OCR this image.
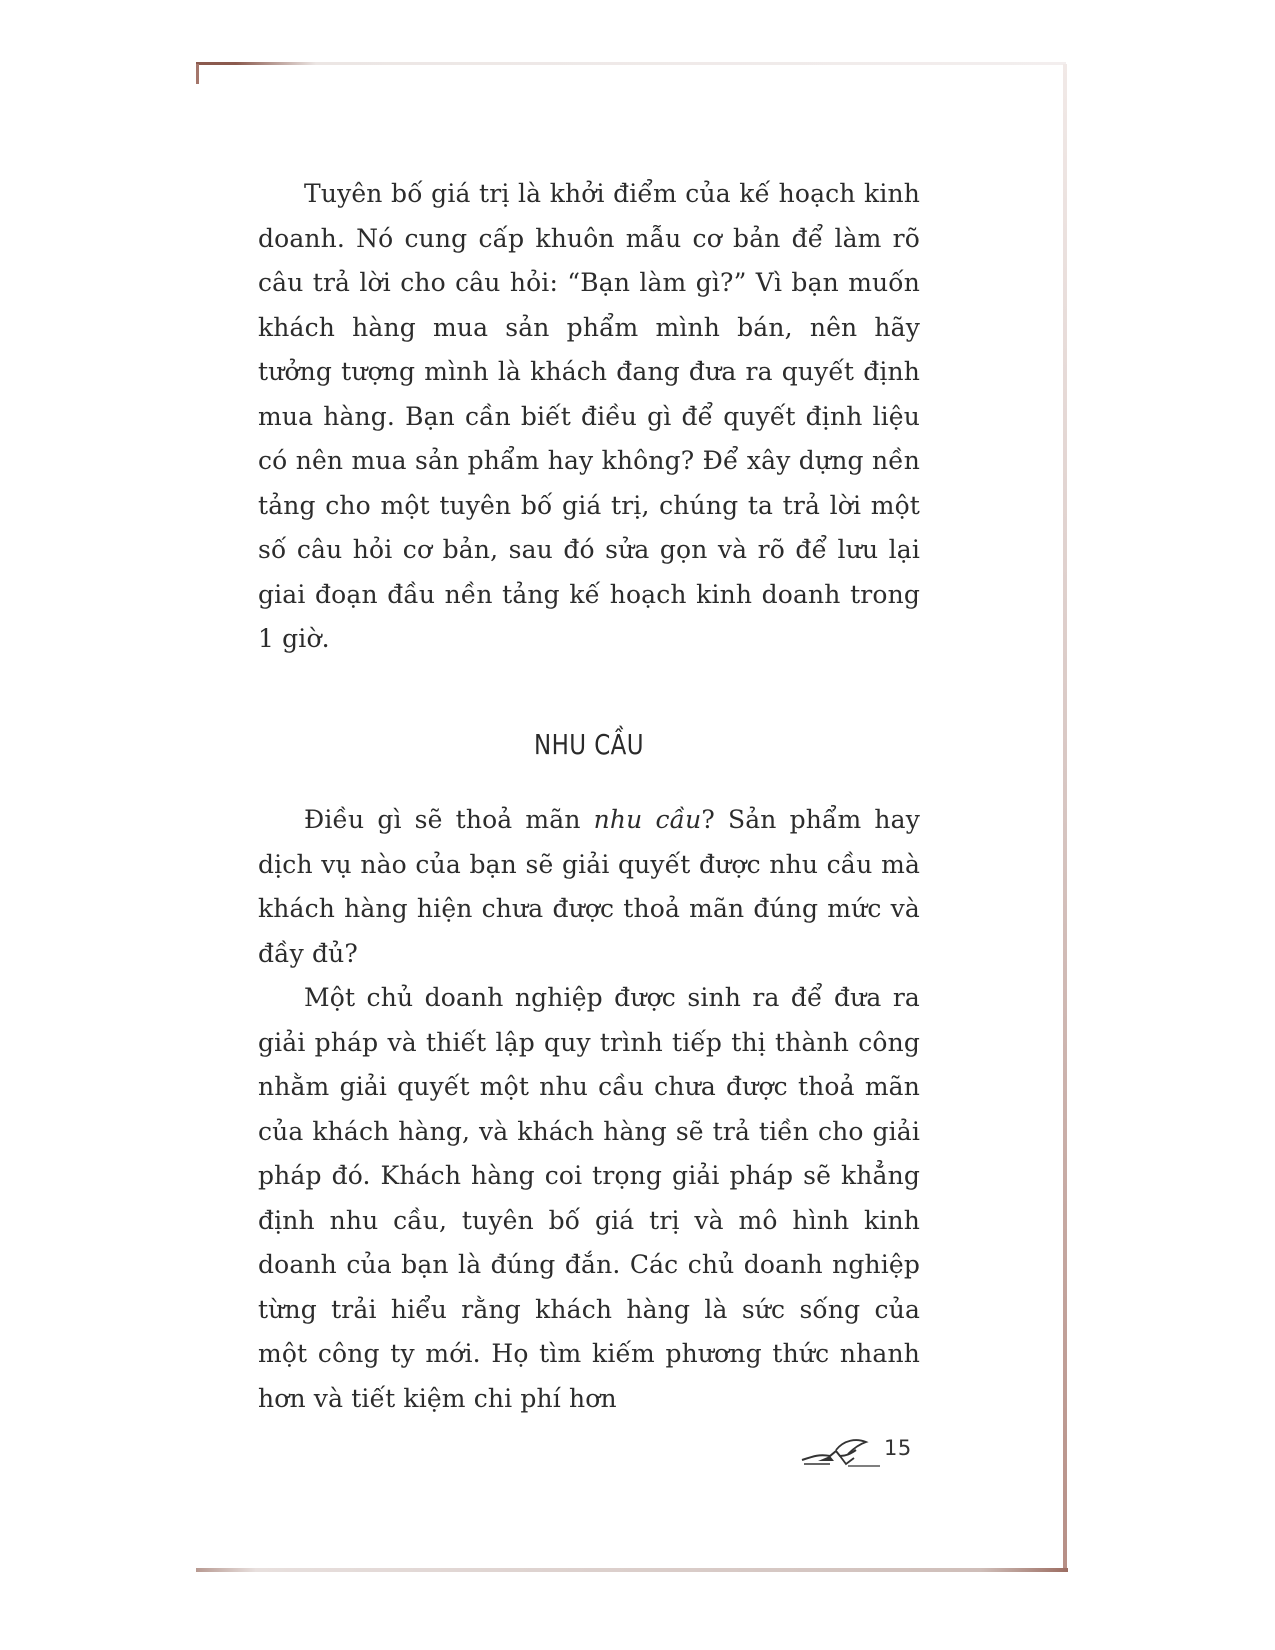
Tuyên bố giá trị là khởi điểm của kế hoạch kinh doanh. Nó cung cấp khuôn mẫu cơ bản để làm rõ câu trả lời cho câu hỏi: “Bạn làm gì?” Vì bạn muốn khách hàng mua sản phẩm mình bán, nên hãy tưởng tượng mình là khách đang đưa ra quyết định mua hàng. Bạn cần biết điều gì để quyết định liệu có nên mua sản phẩm hay không? Để xây dựng nền tảng cho một tuyên bố giá trị, chúng ta trả lời một số câu hỏi cơ bản, sau đó sửa gọn và rõ để lưu lại giai đoạn đầu nền tảng kế hoạch kinh doanh trong 1 giờ.

NHU CẦU

Điều gì sẽ thoả mãn nhu cầu? Sản phẩm hay dịch vụ nào của bạn sẽ giải quyết được nhu cầu mà khách hàng hiện chưa được thoả mãn đúng mức và đầy đủ?

Một chủ doanh nghiệp được sinh ra để đưa ra giải pháp và thiết lập quy trình tiếp thị thành công nhằm giải quyết một nhu cầu chưa được thoả mãn của khách hàng, và khách hàng sẽ trả tiền cho giải pháp đó. Khách hàng coi trọng giải pháp sẽ khẳng định nhu cầu, tuyên bố giá trị và mô hình kinh doanh của bạn là đúng đắn. Các chủ doanh nghiệp từng trải hiểu rằng khách hàng là sức sống của một công ty mới. Họ tìm kiếm phương thức nhanh hơn và tiết kiệm chi phí hơn

15
